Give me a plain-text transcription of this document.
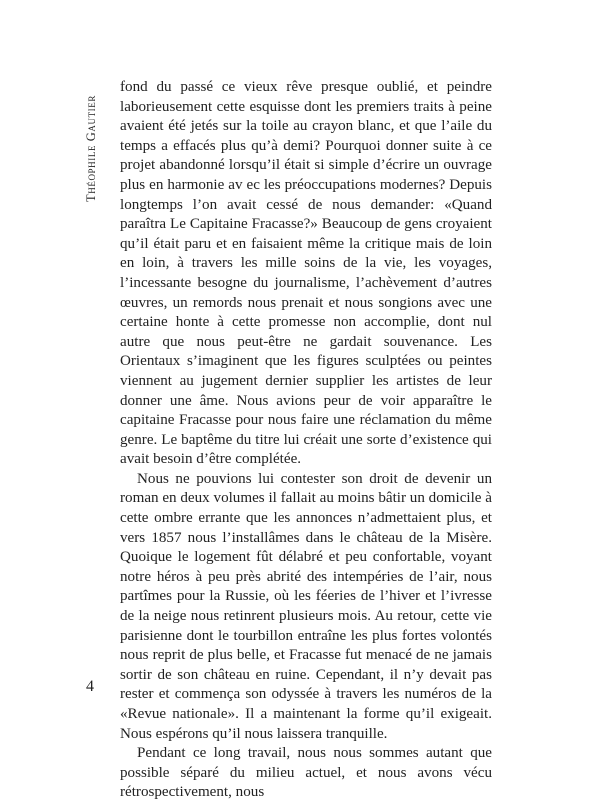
Théophile Gautier

fond du passé ce vieux rêve presque oublié, et peindre laborieusement cette esquisse dont les premiers traits à peine avaient été jetés sur la toile au crayon blanc, et que l’aile du temps a effacés plus qu’à demi? Pourquoi donner suite à ce projet abandonné lorsqu’il était si simple d’écrire un ouvrage plus en harmonie av ec les préoccupations modernes? Depuis longtemps l’on avait cessé de nous demander: «Quand paraîtra Le Capitaine Fracasse?» Beaucoup de gens croyaient qu’il était paru et en faisaient même la critique mais de loin en loin, à travers les mille soins de la vie, les voyages, l’incessante besogne du journalisme, l’achèvement d’autres œuvres, un remords nous prenait et nous songions avec une certaine honte à cette promesse non accomplie, dont nul autre que nous peut-être ne gardait souvenance. Les Orientaux s’imaginent que les figures sculptées ou peintes viennent au jugement dernier supplier les artistes de leur donner une âme. Nous avions peur de voir apparaître le capitaine Fracasse pour nous faire une réclamation du même genre. Le baptême du titre lui créait une sorte d’existence qui avait besoin d’être complétée.

Nous ne pouvions lui contester son droit de devenir un roman en deux volumes il fallait au moins bâtir un domicile à cette ombre errante que les annonces n’admettaient plus, et vers 1857 nous l’installâmes dans le château de la Misère. Quoique le logement fût délabré et peu confortable, voyant notre héros à peu près abrité des intempéries de l’air, nous partîmes pour la Russie, où les féeries de l’hiver et l’ivresse de la neige nous retinrent plusieurs mois. Au retour, cette vie parisienne dont le tourbillon entraîne les plus fortes volontés nous reprit de plus belle, et Fracasse fut menacé de ne jamais sortir de son château en ruine. Cependant, il n’y devait pas rester et commença son odyssée à travers les numéros de la «Revue nationale». Il a maintenant la forme qu’il exigeait. Nous espérons qu’il nous laissera tranquille.

Pendant ce long travail, nous nous sommes autant que possible séparé du milieu actuel, et nous avons vécu rétrospectivement, nous

4
